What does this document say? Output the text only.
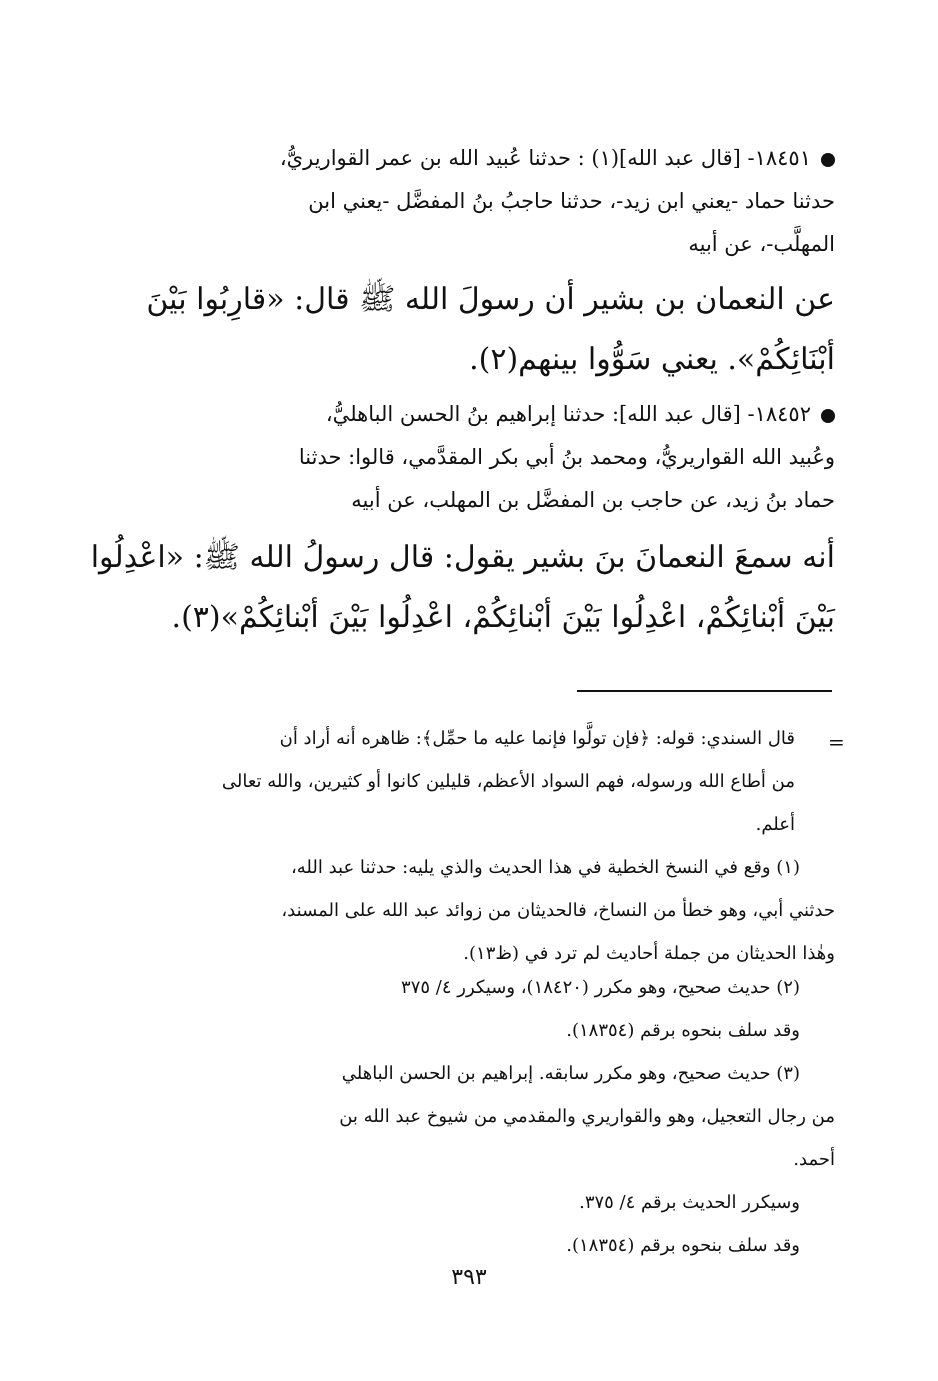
١٨٤٥١- [قال عبد الله](١) : حدثنا عُبيد الله بن عمر القواريريُّ،
حدثنا حماد -يعني ابن زيد-، حدثنا حاجبُ بنُ المفضَّل -يعني ابن
المهلَّب-، عن أبيه
عن النعمان بن بشير أن رسولَ الله ﷺ قال: «قارِبُوا بَيْنَ
أبْنَائِكُمْ». يعني سَوُّوا بينهم(٢).
١٨٤٥٢- [قال عبد الله]: حدثنا إبراهيم بنُ الحسن الباهليُّ،
وعُبيد الله القواريريُّ، ومحمد بنُ أبي بكر المقدَّمي، قالوا: حدثنا
حماد بنُ زيد، عن حاجب بن المفضَّل بن المهلب، عن أبيه
أنه سمعَ النعمانَ بنَ بشير يقول: قال رسولُ الله ﷺ: «اعْدِلُوا
بَيْنَ أبْنائِكُمْ، اعْدِلُوا بَيْنَ أبْنائِكُمْ، اعْدِلُوا بَيْنَ أبْنائِكُمْ»(٣).
=
قال السندي: قوله: ﴿فإن تولَّوا فإنما عليه ما حمِّل﴾: ظاهره أنه أراد أن
من أطاع الله ورسوله، فهم السواد الأعظم، قليلين كانوا أو كثيرين، والله تعالى
أعلم.
(١) وقع في النسخ الخطية في هذا الحديث والذي يليه: حدثنا عبد الله،
حدثني أبي، وهو خطأ من النساخ، فالحديثان من زوائد عبد الله على المسند،
وهٰذا الحديثان من جملة أحاديث لم ترد في (ظ١٣).
(٢) حديث صحيح، وهو مكرر (١٨٤٢٠)، وسيكرر ٤/ ٣٧٥
وقد سلف بنحوه برقم (١٨٣٥٤).
(٣) حديث صحيح، وهو مكرر سابقه. إبراهيم بن الحسن الباهلي
من رجال التعجيل، وهو والقواريري والمقدمي من شيوخ عبد الله بن
أحمد.
وسيكرر الحديث برقم ٤/ ٣٧٥.
وقد سلف بنحوه برقم (١٨٣٥٤).
٣٩٣
